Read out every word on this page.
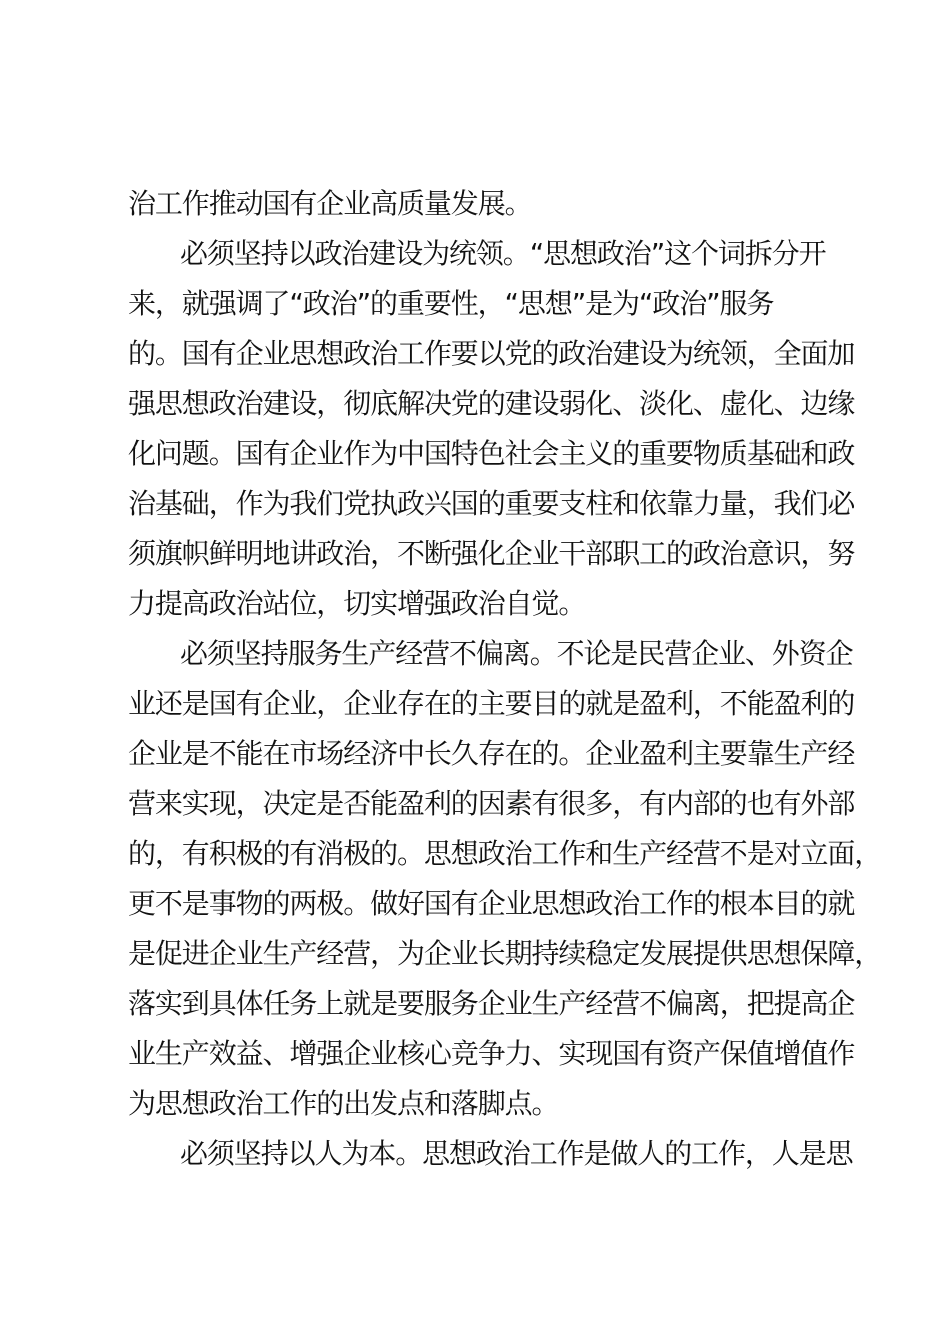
治工作推动国有企业高质量发展。
必须坚持以政治建设为统领。“思想政治”这个词拆分开
来，就强调了“政治”的重要性，“思想”是为“政治”服务
的。国有企业思想政治工作要以党的政治建设为统领，全面加
强思想政治建设，彻底解决党的建设弱化、淡化、虚化、边缘
化问题。国有企业作为中国特色社会主义的重要物质基础和政
治基础，作为我们党执政兴国的重要支柱和依靠力量，我们必
须旗帜鲜明地讲政治，不断强化企业干部职工的政治意识，努
力提高政治站位，切实增强政治自觉。
必须坚持服务生产经营不偏离。不论是民营企业、外资企
业还是国有企业，企业存在的主要目的就是盈利，不能盈利的
企业是不能在市场经济中长久存在的。企业盈利主要靠生产经
营来实现，决定是否能盈利的因素有很多，有内部的也有外部
的，有积极的有消极的。思想政治工作和生产经营不是对立面，
更不是事物的两极。做好国有企业思想政治工作的根本目的就
是促进企业生产经营，为企业长期持续稳定发展提供思想保障，
落实到具体任务上就是要服务企业生产经营不偏离，把提高企
业生产效益、增强企业核心竞争力、实现国有资产保值增值作
为思想政治工作的出发点和落脚点。
必须坚持以人为本。思想政治工作是做人的工作，人是思
